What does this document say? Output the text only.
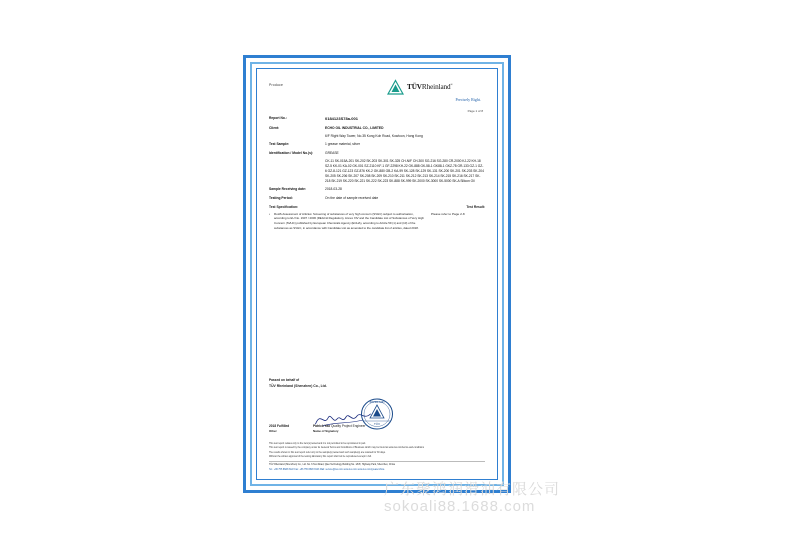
Produce	TÜVRheinland®
Precisely Right.
Page 1 of 8
Report No.:	0184123S78a-001
Client:	ECHO OIL INDUSTRIAL CO., LIMITED
6/F Right Way Tower, No.35 Kong Koh Road, Kowloon, Hong Kong
Test Sample:	1 grease material, silver
Identification / Model No.(s):	GREASE
CK-11 SK-015A-201 SK-202 SK-203 SK-301 SK-325 CH-NIF CH-300 SG-216 SG-280 CR-2000 KJ-22 KH-18 SZ-5 KK-01 KA-02 GK-001 SZ-2110 KF-1 GF-2298 KH-22 GK-888 GK-58-1 GK88-1 GKZ-78 GR-133 GZ-1 GZ-6 GZ-8-121 GZ-123 GZ-876 KK-2 GK-880 GB-2 KA-99 SK-128 SK-129 SK-131 SK-200 SK-201 SK-203 SK-204 SK-205 SK-206 SK-207 SK-208 SK-209 SK-210 SK-211 SK-212 SK-213 SK-214 SK-215 SK-216 SK-217 SK-218 SK-219 SK-220 SK-221 SK-222 SK-223 SK-888 SK-999 SK-2000 SK-3000 SK-5000 SK-A Silicon Oil
Sample Receiving date:	2018-03-28
Testing Period:	On the date of sample received date
Test Specification:	Test Result:
• RoHS Assessment of Articles: Screening of substances of very high concern (SVHC) subject to authorisation, according to EU No. 1907 / 2006 (REACH Regulation), Annex XIV and the Candidate List of Substances of Very High Concern (SVHC) published by European Chemicals Agency (ECHA), according to Article 59 (1) and (10) of the substances as SVHC, in accordance with Candidate List as amended to the candidate list of articles, dated 2018.
Please refer to Page 2-8
Passed on behalf of
TÜV Rheinland (Shenzhen) Co., Ltd.
TÜV
RHEINLAND
2018 Fulfilled
Other
Patrick Yao Quality Project Engineer
Name of Signatory

This test report relates only to the item(s) tested and it is not permitted to be reproduced in part.

This test report is issued by the company under its General Terms and Conditions of Business which may be found at www.tuv.com/terms-and-conditions

The results shown in this test report refer only to the sample(s) tested and such sample(s) are retained for 30 days.

Without the written approval of the testing laboratory this report shall not be reproduced except in full.

TÜV Rheinland (Shenzhen) Co., Ltd. No. 6 Test Road, Qiao Technology Building No. 1/F/F, Highway Park, Shenzhen, China

Tel.: +86 755 8828 8122 Fax: +86 755 8828 8123 Mail: service@tuv.com www.tuv.com www.tuv.com/greaterchina

广东聚鸿润滑油有限公司
sokoali88.1688.com
